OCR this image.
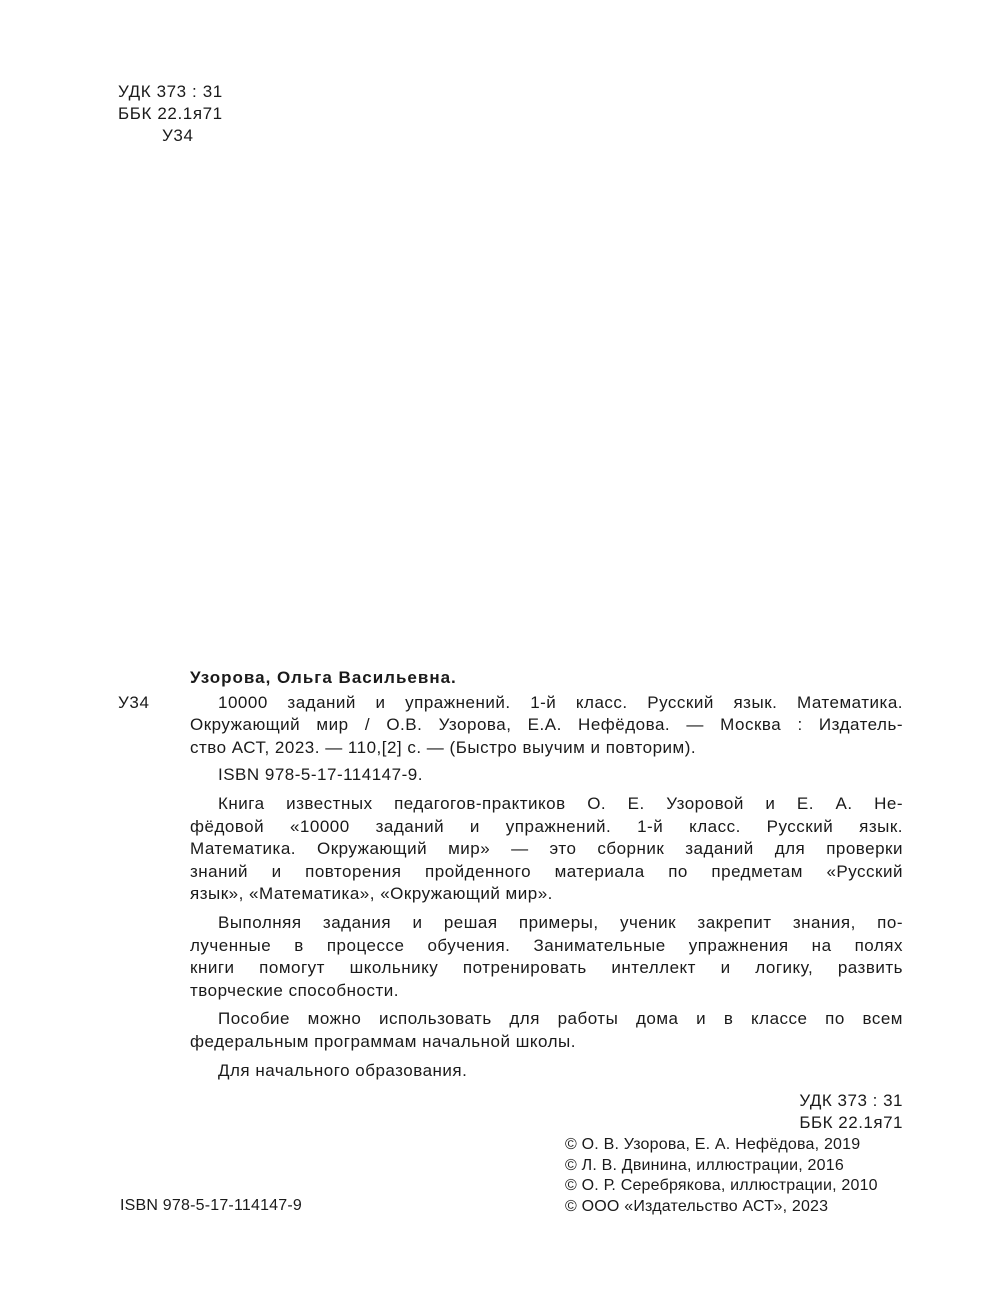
УДК 373 : 31
ББК 22.1я71
У34
У34
Узорова, Ольга Васильевна.
10000 заданий и упражнений. 1-й класс. Русский язык. Математика.
Окружающий мир / О.В. Узорова, Е.А. Нефёдова. — Москва : Издатель-
ство АСТ, 2023. — 110,[2] с. — (Быстро выучим и повторим).
ISBN 978-5-17-114147-9.
Книга известных педагогов-практиков О. Е. Узоровой и Е. А. Не-
фёдовой «10000 заданий и упражнений. 1-й класс. Русский язык.
Математика. Окружающий мир» — это сборник заданий для проверки
знаний и повторения пройденного материала по предметам «Русский
язык», «Математика», «Окружающий мир».
Выполняя задания и решая примеры, ученик закрепит знания, по-
лученные в процессе обучения. Занимательные упражнения на полях
книги помогут школьнику потренировать интеллект и логику, развить
творческие способности.
Пособие можно использовать для работы дома и в классе по всем
федеральным программам начальной школы.
Для начального образования.
УДК 373 : 31
ББК 22.1я71
ISBN 978-5-17-114147-9
© О. В. Узорова, Е. А. Нефёдова, 2019
© Л. В. Двинина, иллюстрации, 2016
© О. Р. Серебрякова, иллюстрации, 2010
© ООО «Издательство АСТ», 2023
